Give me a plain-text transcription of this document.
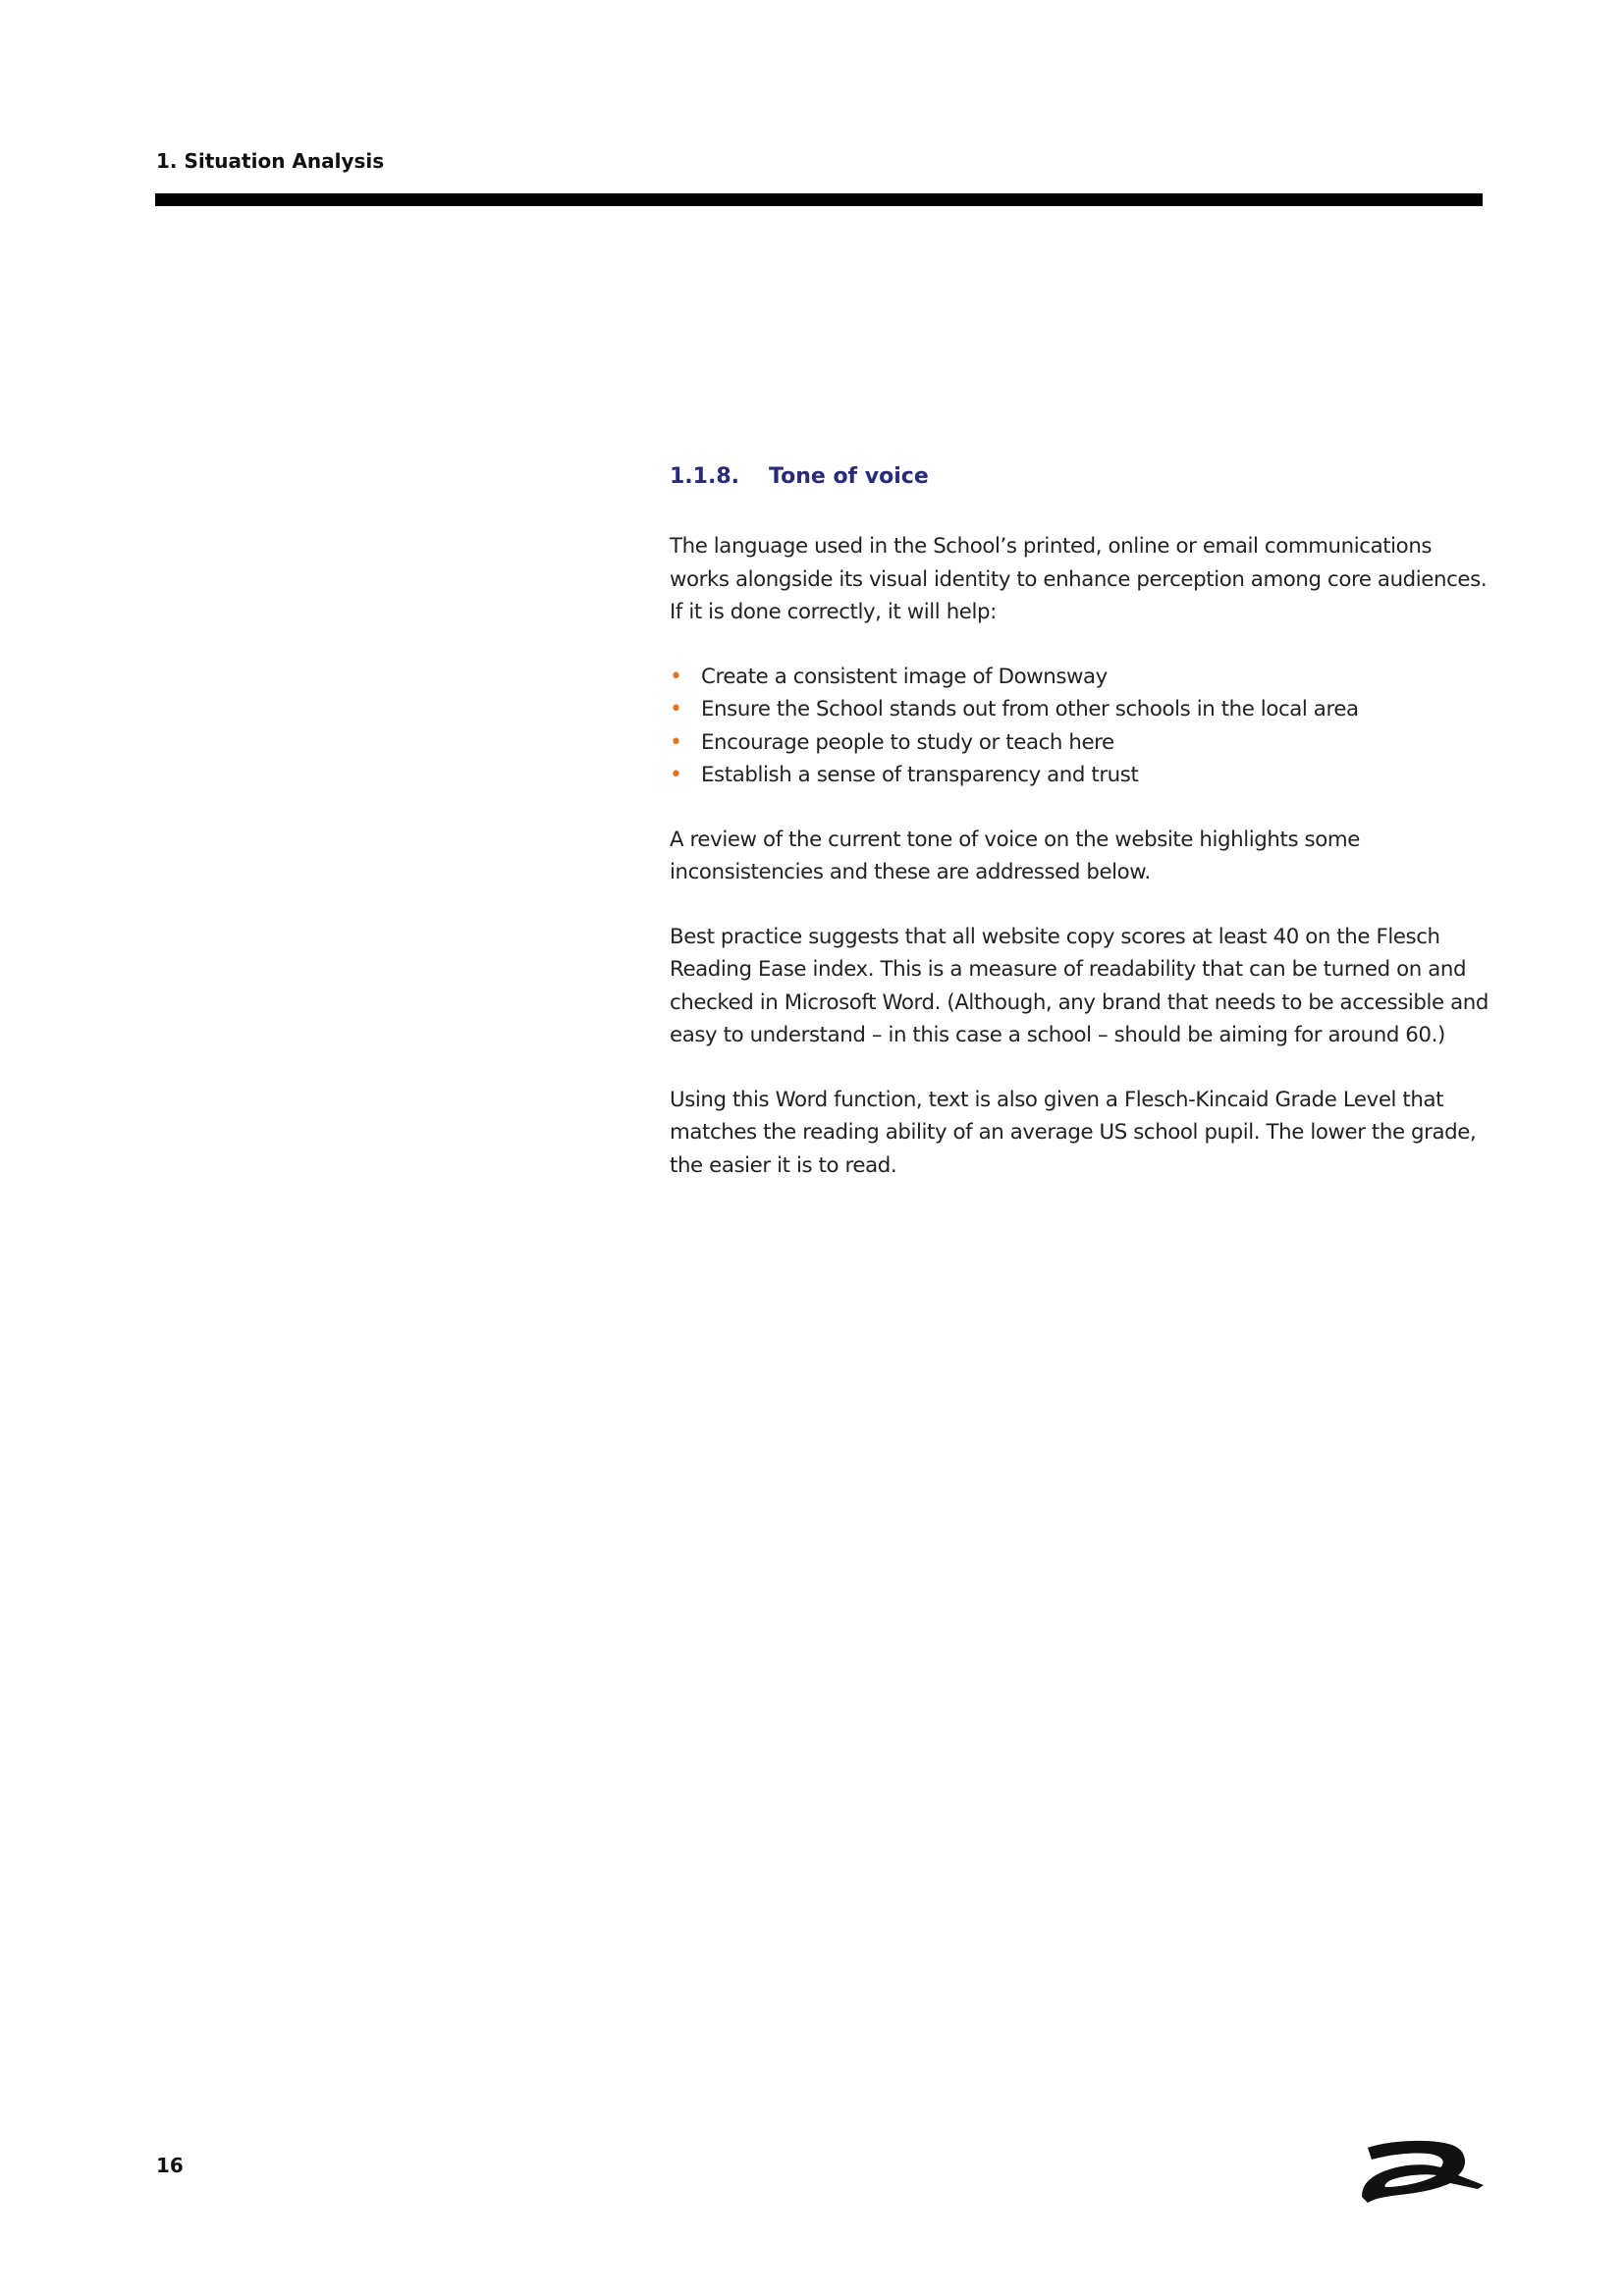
1. Situation Analysis
1.1.8.	Tone of voice

The language used in the School’s printed, online or email communications
works alongside its visual identity to enhance perception among core audiences.
If it is done correctly, it will help:

• Create a consistent image of Downsway
• Ensure the School stands out from other schools in the local area
• Encourage people to study or teach here
• Establish a sense of transparency and trust

A review of the current tone of voice on the website highlights some
inconsistencies and these are addressed below.

Best practice suggests that all website copy scores at least 40 on the Flesch
Reading Ease index. This is a measure of readability that can be turned on and
checked in Microsoft Word. (Although, any brand that needs to be accessible and
easy to understand – in this case a school – should be aiming for around 60.)

Using this Word function, text is also given a Flesch-Kincaid Grade Level that
matches the reading ability of an average US school pupil. The lower the grade,
the easier it is to read.

16
